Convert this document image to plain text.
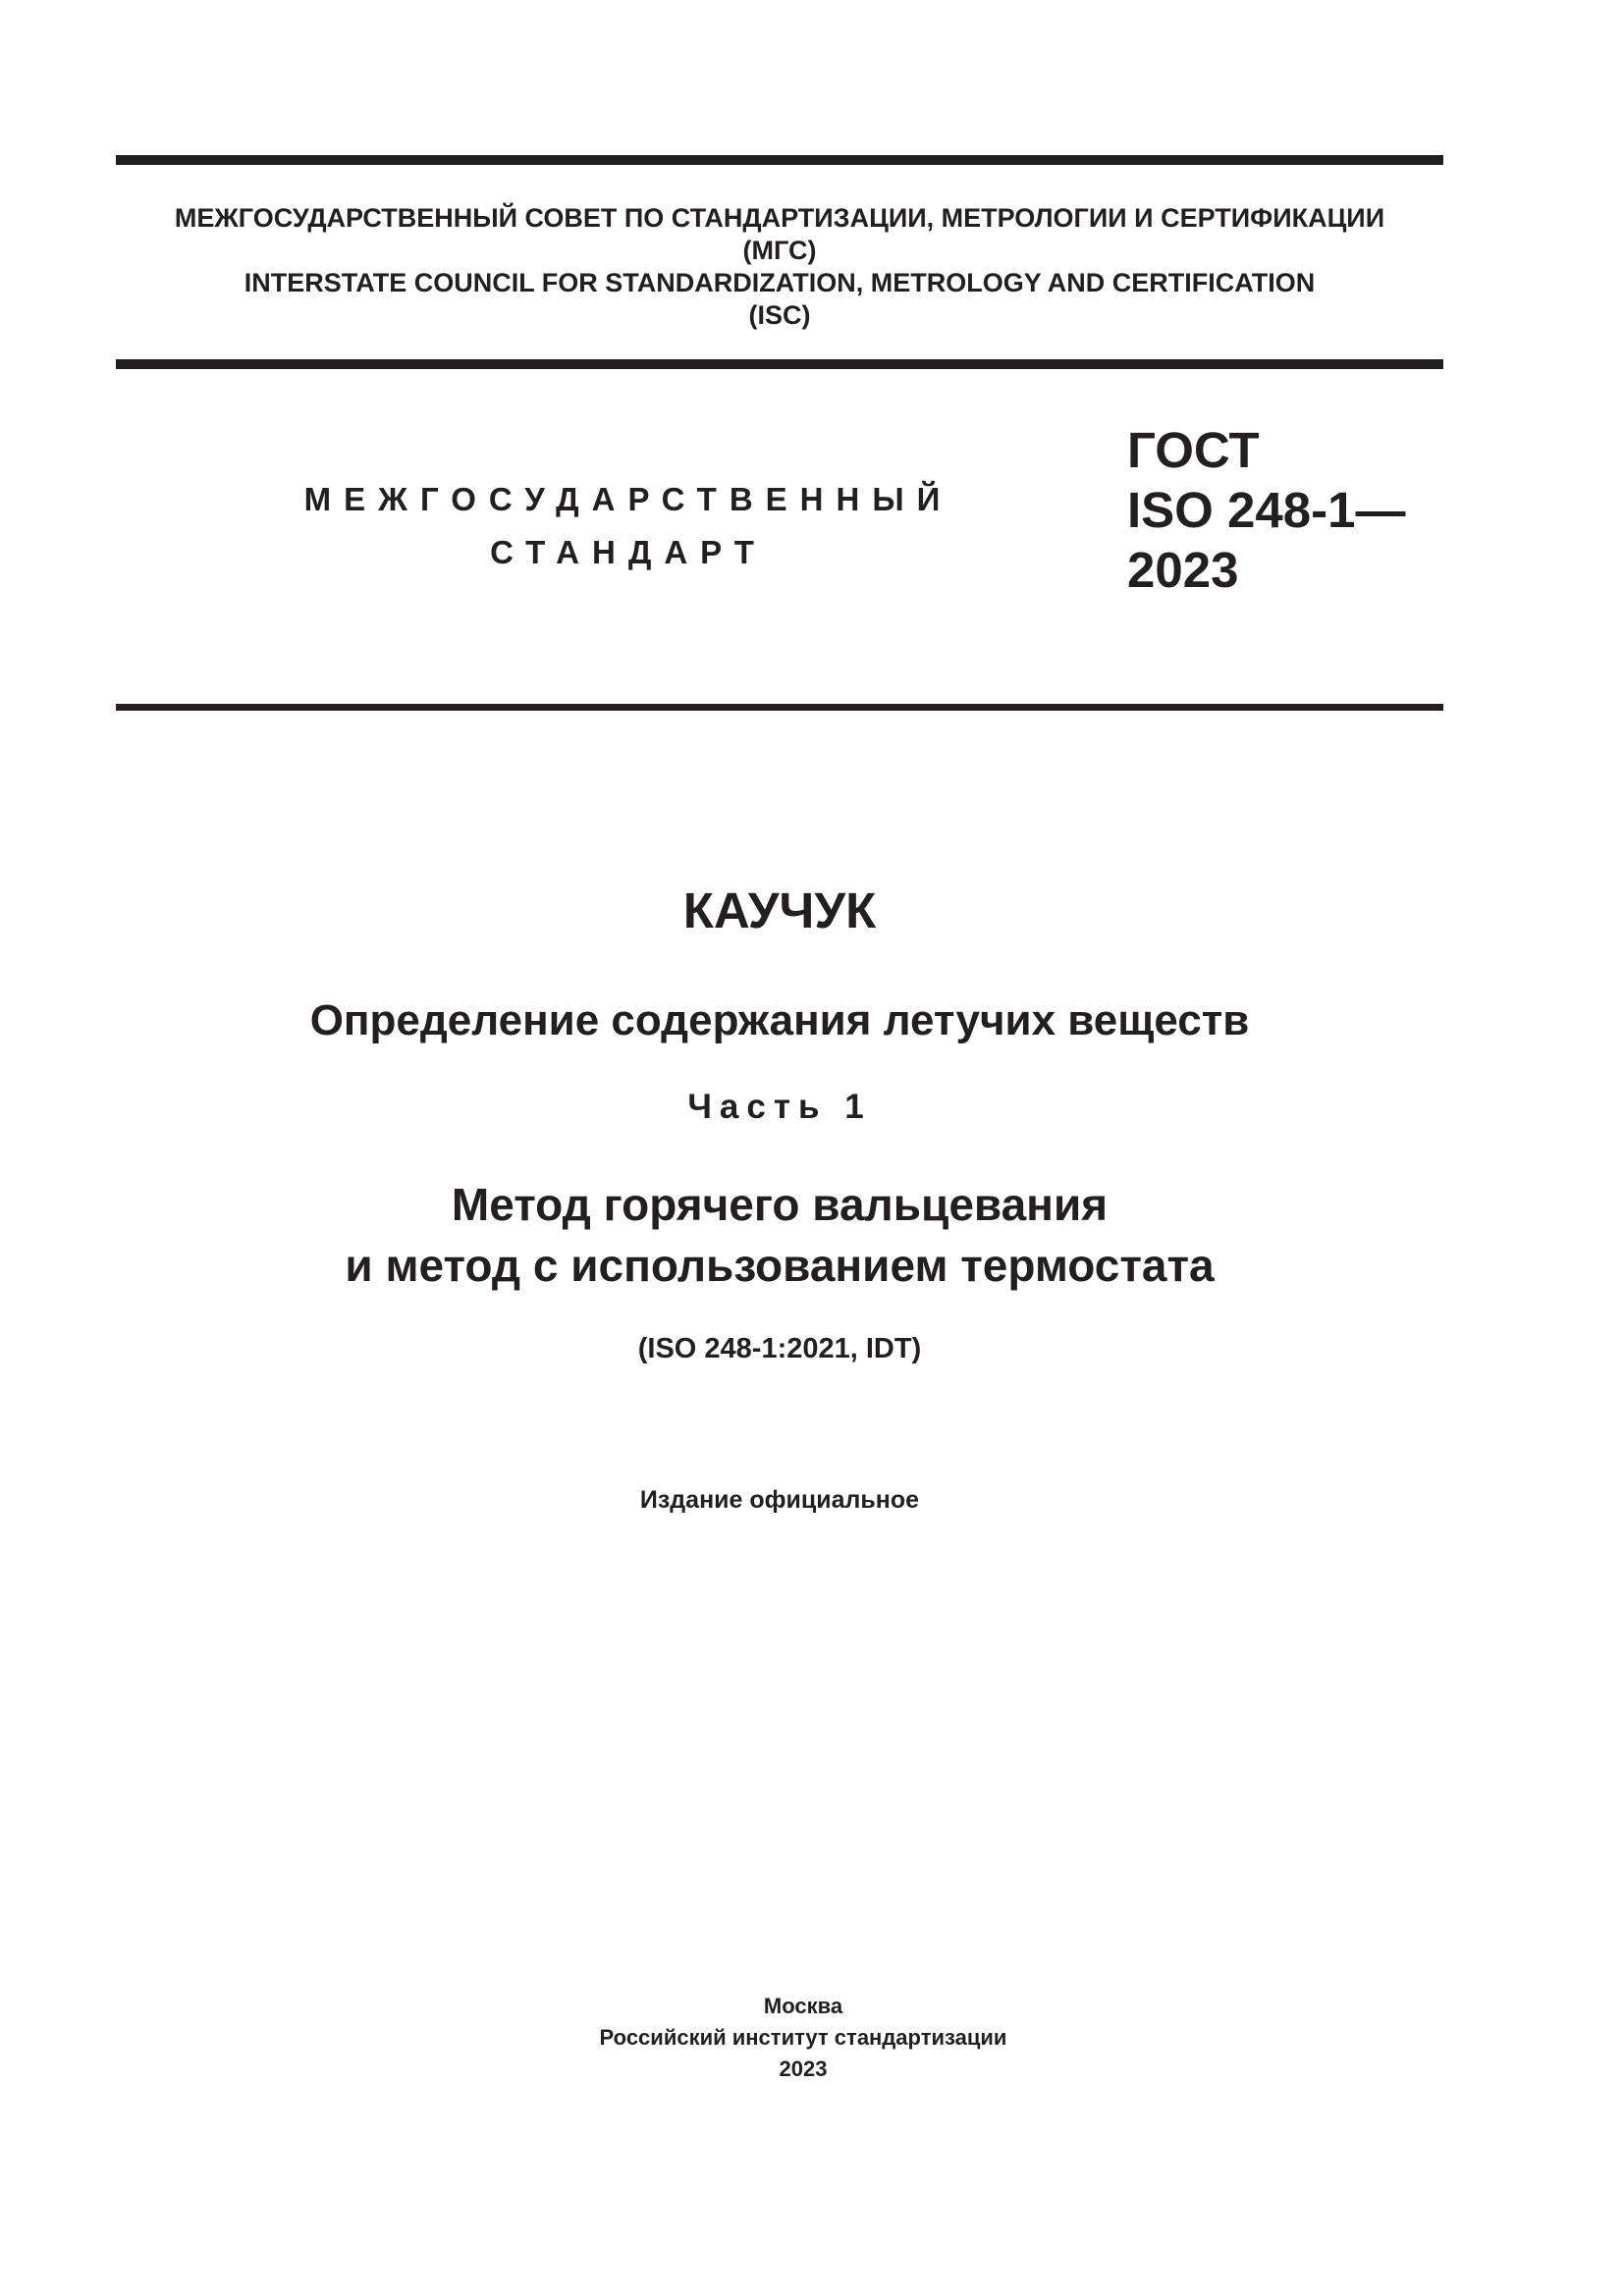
МЕЖГОСУДАРСТВЕННЫЙ СОВЕТ ПО СТАНДАРТИЗАЦИИ, МЕТРОЛОГИИ И СЕРТИФИКАЦИИ
(МГС)
INTERSTATE COUNCIL FOR STANDARDIZATION, METROLOGY AND CERTIFICATION
(ISC)
МЕЖГОСУДАРСТВЕННЫЙ
СТАНДАРТ
ГОСТ
ISO 248-1—
2023
КАУЧУК
Определение содержания летучих веществ
Часть 1
Метод горячего вальцевания
и метод с использованием термостата
(ISO 248-1:2021, IDT)
Издание официальное
Москва
Российский институт стандартизации
2023
